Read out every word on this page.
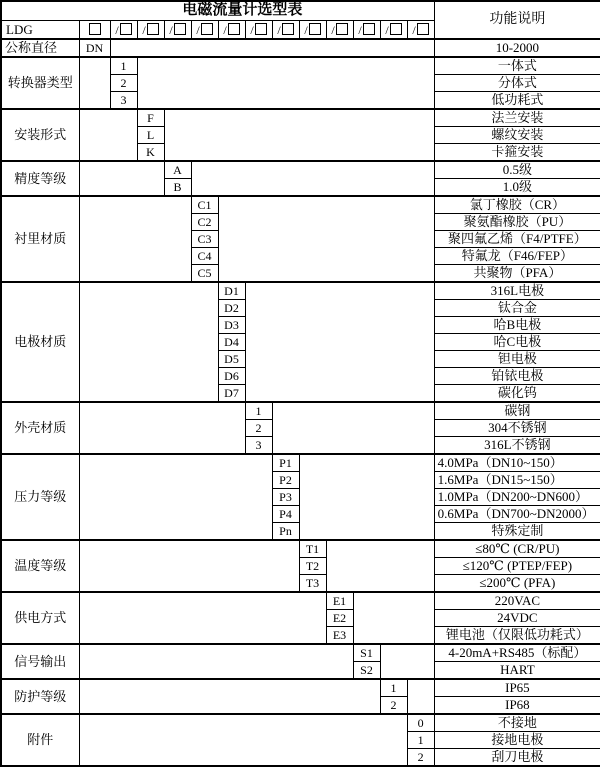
电磁流量计选型表														功能说明
LDG		/	/	/	/	/	/	/	/	/	/	/	/	
公称直径	DN													10-2000
转换器类型		1												一体式
		2												分体式
		3												低功耗式
安装形式			F											法兰安装
			L											螺纹安装
			K											卡箍安装
精度等级				A										0.5级
				B										1.0级
衬里材质					C1									氯丁橡胶（CR）
					C2									聚氨酯橡胶（PU）
					C3									聚四氟乙烯（F4/PTFE）
					C4									特氟龙（F46/FEP）
					C5									共聚物（PFA）
电极材质						D1								316L电极
						D2								钛合金
						D3								哈B电极
						D4								哈C电极
						D5								钽电极
						D6								铂铱电极
						D7								碳化钨
外壳材质							1							碳钢
							2							304不锈钢
							3							316L不锈钢
压力等级								P1						4.0MPa（DN10~150）
								P2						1.6MPa（DN15~150）
								P3						1.0MPa（DN200~DN600）
								P4						0.6MPa（DN700~DN2000）
								Pn						特殊定制
温度等级									T1					≤80℃ (CR/PU)
									T2					≤120℃ (PTEP/FEP)
									T3					≤200℃ (PFA)
供电方式										E1				220VAC
										E2				24VDC
										E3				锂电池（仅限低功耗式）
信号输出											S1			4-20mA+RS485（标配）
											S2			HART
防护等级												1		IP65
												2		IP68
附件													0	不接地
													1	接地电极
													2	刮刀电极
